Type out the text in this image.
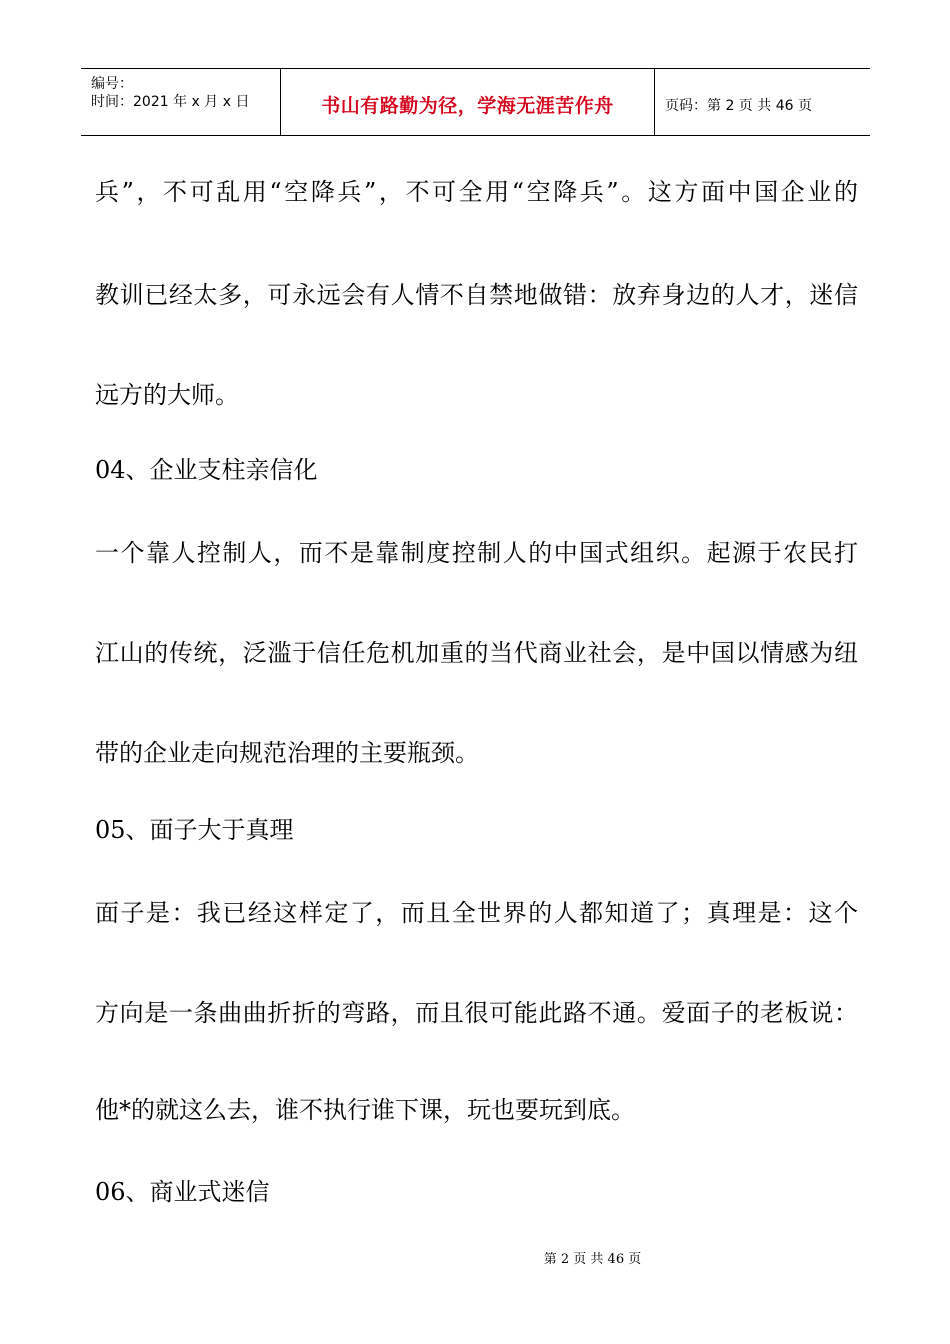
编号：
时间：2021 年 x 月 x 日	书山有路勤为径，学海无涯苦作舟	页码：第 2 页 共 46 页
兵”，不可乱用“空降兵”，不可全用“空降兵”。这方面中国企业的
教训已经太多，可永远会有人情不自禁地做错：放弃身边的人才，迷信
远方的大师。
04、企业支柱亲信化
一个靠人控制人，而不是靠制度控制人的中国式组织。起源于农民打
江山的传统，泛滥于信任危机加重的当代商业社会，是中国以情感为纽
带的企业走向规范治理的主要瓶颈。
05、面子大于真理
面子是：我已经这样定了，而且全世界的人都知道了；真理是：这个
方向是一条曲曲折折的弯路，而且很可能此路不通。爱面子的老板说：
他*的就这么去，谁不执行谁下课，玩也要玩到底。
06、商业式迷信
第 2 页 共 46 页
